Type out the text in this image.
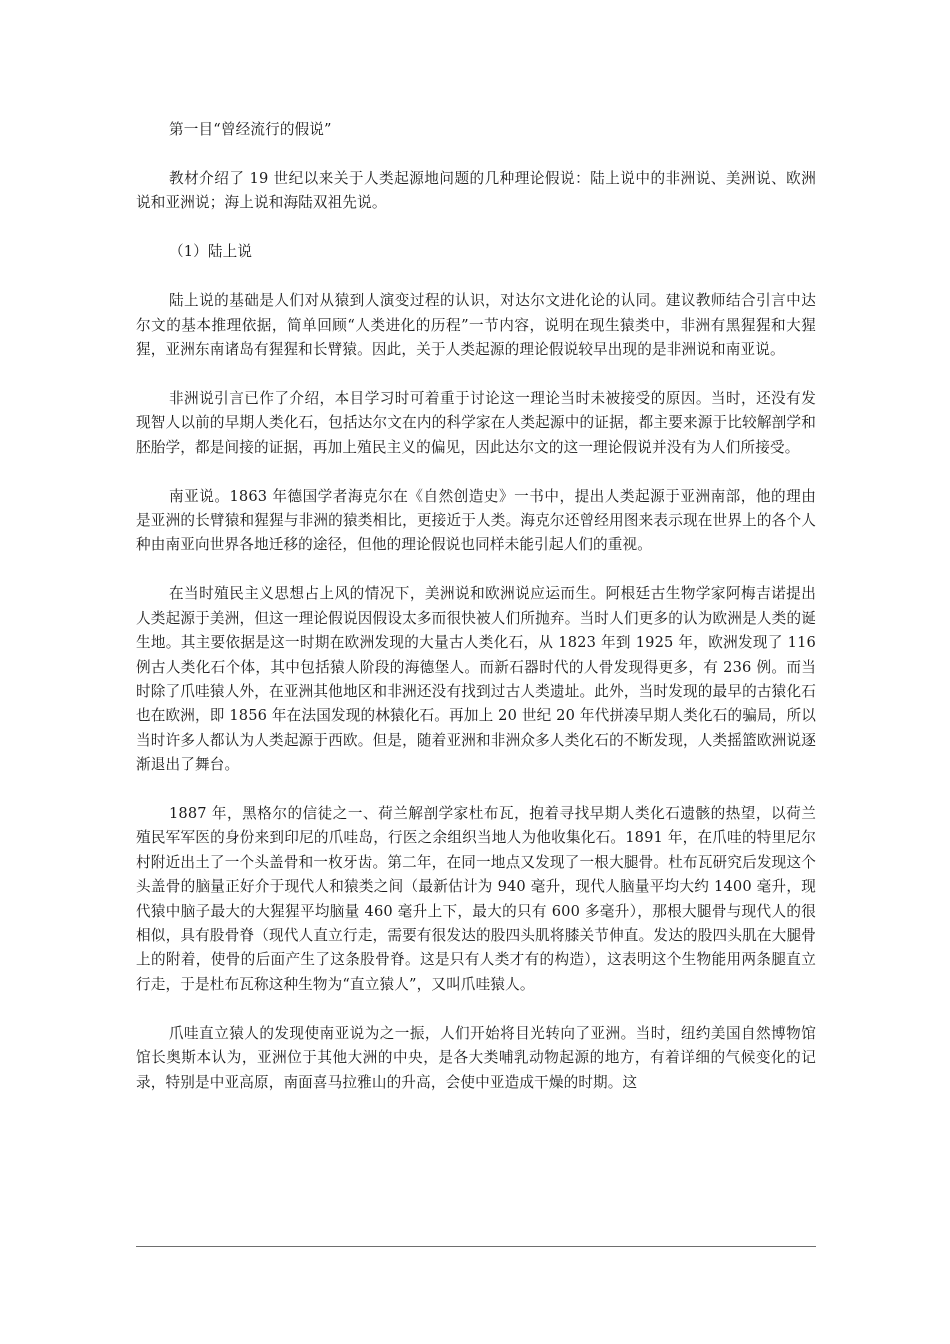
第一目“曾经流行的假说”

教材介绍了 19 世纪以来关于人类起源地问题的几种理论假说：陆上说中的非洲说、美洲说、欧洲说和亚洲说；海上说和海陆双祖先说。

（1）陆上说

陆上说的基础是人们对从猿到人演变过程的认识，对达尔文进化论的认同。建议教师结合引言中达尔文的基本推理依据，简单回顾“人类进化的历程”一节内容，说明在现生猿类中，非洲有黑猩猩和大猩猩，亚洲东南诸岛有猩猩和长臂猿。因此，关于人类起源的理论假说较早出现的是非洲说和南亚说。

非洲说引言已作了介绍，本目学习时可着重于讨论这一理论当时未被接受的原因。当时，还没有发现智人以前的早期人类化石，包括达尔文在内的科学家在人类起源中的证据，都主要来源于比较解剖学和胚胎学，都是间接的证据，再加上殖民主义的偏见，因此达尔文的这一理论假说并没有为人们所接受。

南亚说。1863 年德国学者海克尔在《自然创造史》一书中，提出人类起源于亚洲南部，他的理由是亚洲的长臂猿和猩猩与非洲的猿类相比，更接近于人类。海克尔还曾经用图来表示现在世界上的各个人种由南亚向世界各地迁移的途径，但他的理论假说也同样未能引起人们的重视。

在当时殖民主义思想占上风的情况下，美洲说和欧洲说应运而生。阿根廷古生物学家阿梅吉诺提出人类起源于美洲，但这一理论假说因假设太多而很快被人们所抛弃。当时人们更多的认为欧洲是人类的诞生地。其主要依据是这一时期在欧洲发现的大量古人类化石，从 1823 年到 1925 年，欧洲发现了 116 例古人类化石个体，其中包括猿人阶段的海德堡人。而新石器时代的人骨发现得更多，有 236 例。而当时除了爪哇猿人外，在亚洲其他地区和非洲还没有找到过古人类遗址。此外，当时发现的最早的古猿化石也在欧洲，即 1856 年在法国发现的林猿化石。再加上 20 世纪 20 年代拼凑早期人类化石的骗局，所以当时许多人都认为人类起源于西欧。但是，随着亚洲和非洲众多人类化石的不断发现，人类摇篮欧洲说逐渐退出了舞台。

1887 年，黑格尔的信徒之一、荷兰解剖学家杜布瓦，抱着寻找早期人类化石遗骸的热望，以荷兰殖民军军医的身份来到印尼的爪哇岛，行医之余组织当地人为他收集化石。1891 年，在爪哇的特里尼尔村附近出土了一个头盖骨和一枚牙齿。第二年，在同一地点又发现了一根大腿骨。杜布瓦研究后发现这个头盖骨的脑量正好介于现代人和猿类之间（最新估计为 940 毫升，现代人脑量平均大约 1400 毫升，现代猿中脑子最大的大猩猩平均脑量 460 毫升上下，最大的只有 600 多毫升），那根大腿骨与现代人的很相似，具有股骨脊（现代人直立行走，需要有很发达的股四头肌将膝关节伸直。发达的股四头肌在大腿骨上的附着，使骨的后面产生了这条股骨脊。这是只有人类才有的构造），这表明这个生物能用两条腿直立行走，于是杜布瓦称这种生物为“直立猿人”，又叫爪哇猿人。

爪哇直立猿人的发现使南亚说为之一振，人们开始将目光转向了亚洲。当时，纽约美国自然博物馆馆长奥斯本认为，亚洲位于其他大洲的中央，是各大类哺乳动物起源的地方，有着详细的气候变化的记录，特别是中亚高原，南面喜马拉雅山的升高，会使中亚造成干燥的时期。这
